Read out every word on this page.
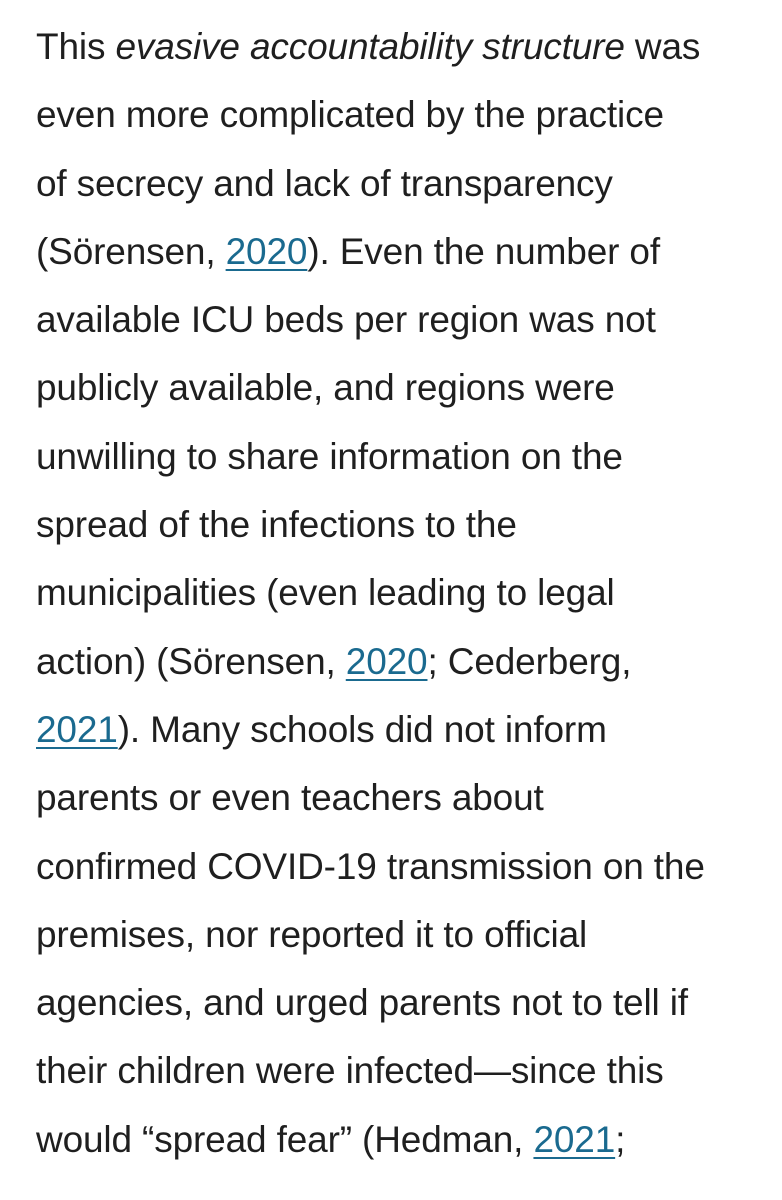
This evasive accountability structure was
even more complicated by the practice
of secrecy and lack of transparency
(Sörensen, 2020). Even the number of
available ICU beds per region was not
publicly available, and regions were
unwilling to share information on the
spread of the infections to the
municipalities (even leading to legal
action) (Sörensen, 2020; Cederberg,
2021). Many schools did not inform
parents or even teachers about
confirmed COVID-19 transmission on the
premises, nor reported it to official
agencies, and urged parents not to tell if
their children were infected—since this
would “spread fear” (Hedman, 2021;
